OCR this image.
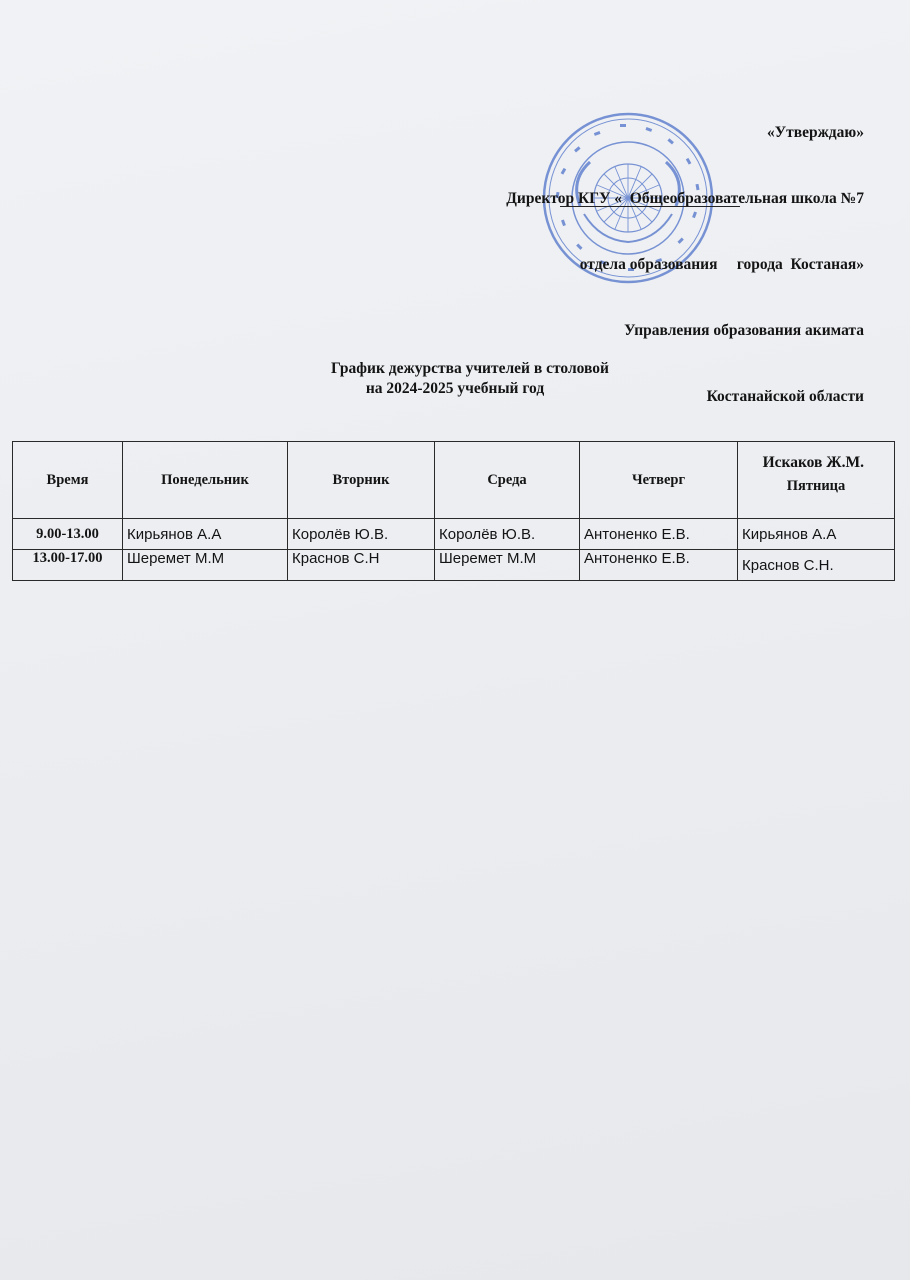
«Утверждаю»

Директор КГУ «  Общеобразовательная школа №7

отдела образования     города  Костаная»

Управления образования акимата

Костанайской области

Искаков Ж.М.

График дежурства учителей в столовой
на 2024-2025 учебный год
Время	Понедельник	Вторник	Среда	Четверг	Пятница
9.00-13.00	Кирьянов А.А	Королёв Ю.В.	Королёв Ю.В.	Антоненко Е.В.	Кирьянов А.А
13.00-17.00	Шеремет М.М	Краснов С.Н	Шеремет М.М	Антоненко Е.В.	Краснов С.Н.
